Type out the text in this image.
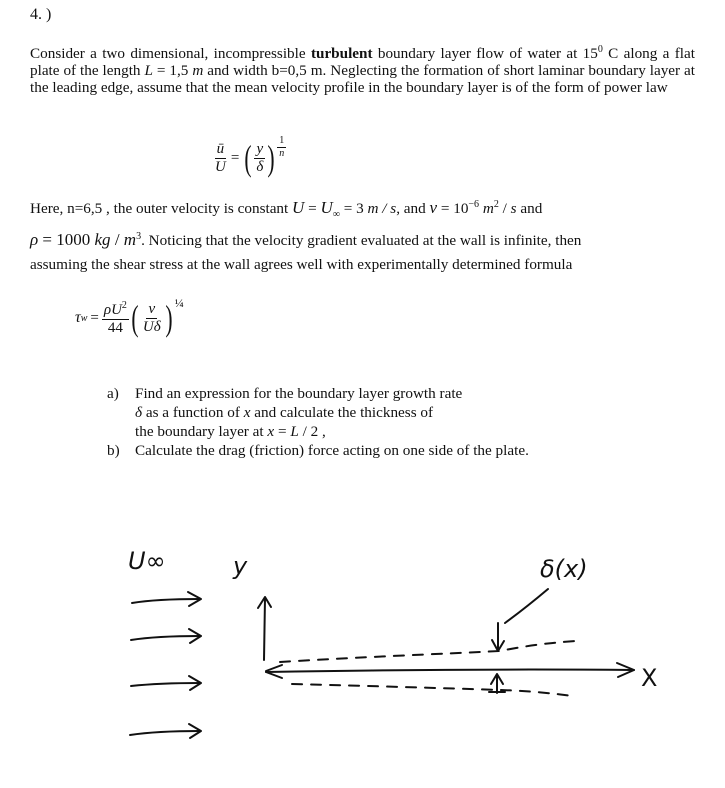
4. )
Consider a two dimensional, incompressible turbulent boundary layer flow of water at $15^0$ C along a flat plate of the length L = 1,5 m and width b=0,5 m. Neglecting the formation of short laminar boundary layer at the leading edge, assume that the mean velocity profile in the boundary layer is of the form of power law
$\frac{ū}{U}$ = ( $\frac{y}{\delta}$ ) $\frac{1}{n}$
Here, n=6,5 , the outer velocity is constant $U = U_\infty = 3$ m / s, and $\nu = 10^{-6}$ $m^2$ / s and
ρ = 1000 kg / $m^3$. Noticing that the velocity gradient evaluated at the wall is infinite, then
assuming the shear stress at the wall agrees well with experimentally determined formula
τ $w = \frac{\rho U^2}{44}$ ( $\frac{\nu}{U\delta}$ ) ¼
a)	Find an expression for the boundary layer growth rate
δ as a function of x and calculate the thickness of
the boundary layer at x = L / 2 ,
b)	Calculate the drag (friction) force acting on one side of the plate.
U∞	y	δ(x)
X
